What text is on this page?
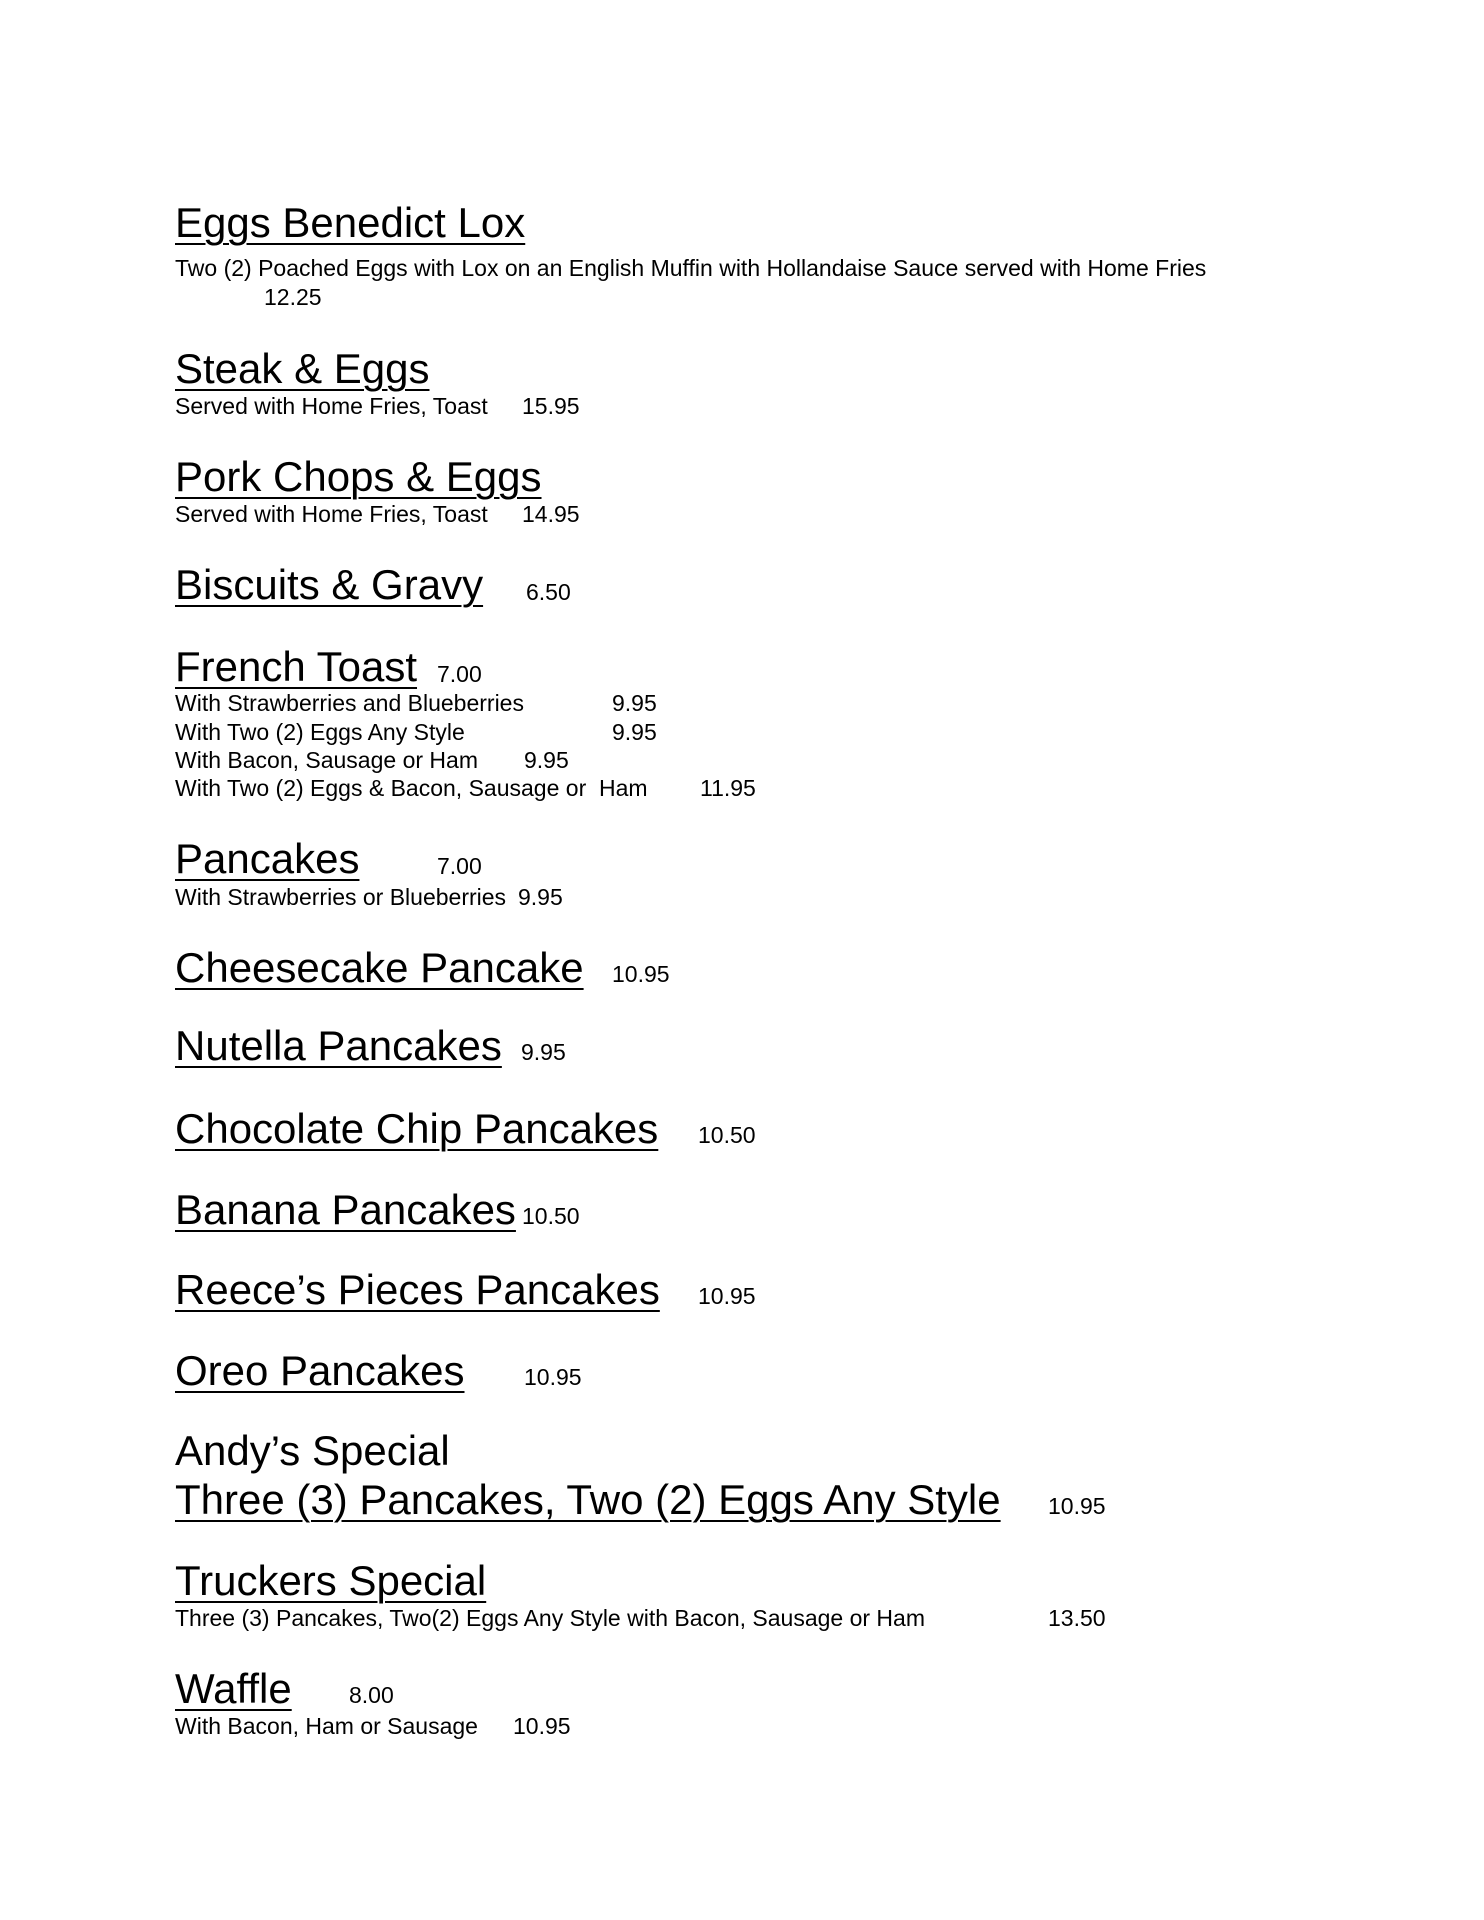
Eggs Benedict Lox
Two (2) Poached Eggs with Lox on an English Muffin with Hollandaise Sauce served with Home Fries
12.25
Steak & Eggs
Served with Home Fries, Toast 15.95
Pork Chops & Eggs
Served with Home Fries, Toast 14.95
Biscuits & Gravy 6.50
French Toast 7.00
With Strawberries and Blueberries	9.95
With Two (2) Eggs Any Style	9.95
With Bacon, Sausage or Ham 9.95
With Two (2) Eggs & Bacon, Sausage or  Ham 11.95
Pancakes	7.00
With Strawberries or Blueberries 9.95
Cheesecake Pancake 10.95
Nutella Pancakes 9.95
Chocolate Chip Pancakes 10.50
Banana Pancakes 10.50
Reece’s Pieces Pancakes 10.95
Oreo Pancakes	10.95
Andy’s Special
Three (3) Pancakes, Two (2) Eggs Any Style 10.95
Truckers Special
Three (3) Pancakes, Two(2) Eggs Any Style with Bacon, Sausage or Ham	13.50
Waffle 8.00
With Bacon, Ham or Sausage 10.95
